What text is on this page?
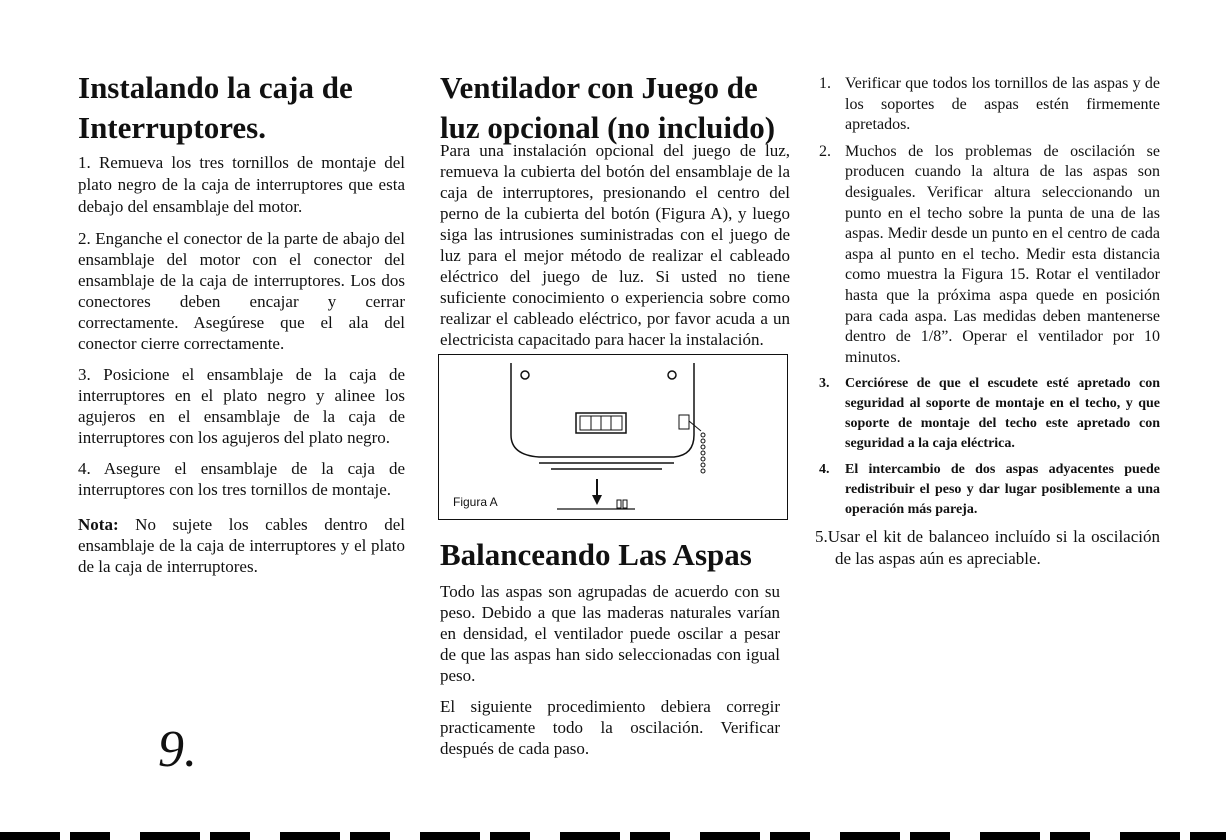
Instalando la caja de Interruptores.

1. Remueva los tres tornillos de montaje del plato negro de la caja de interruptores que esta debajo del ensamblaje del motor.

2. Enganche el conector de la parte de abajo del ensamblaje del motor con el conector del ensamblaje de la caja de interruptores. Los dos conectores deben encajar y cerrar correctamente. Asegúrese que el ala del conector cierre correctamente.

3. Posicione el ensamblaje de la caja de interruptores en el plato negro y alinee los agujeros en el ensamblaje de la caja de interruptores con los agujeros del plato negro.

4. Asegure el ensamblaje de la caja de interruptores con los tres tornillos de montaje.

Nota: No sujete los cables dentro del ensamblaje de la caja de interruptores y el plato de la caja de interruptores.

9.
Ventilador con Juego de luz opcional (no incluido)

Para una instalación opcional del juego de luz, remueva la cubierta del botón del ensamblaje de la caja de interruptores, presionando el centro del perno de la cubierta del botón (Figura A), y luego siga las intrusiones suministradas con el juego de luz para el mejor método de realizar el cableado eléctrico del juego de luz. Si usted no tiene suficiente conocimiento o experiencia sobre como realizar el cableado eléctrico, por favor acuda a un electricista capacitado para hacer la instalación.

Balanceando Las Aspas

Todo las aspas son agrupadas de acuerdo con su peso. Debido a que las maderas naturales varían en densidad, el ventilador puede oscilar a pesar de que las aspas han sido seleccionadas con igual peso.

El siguiente procedimiento debiera corregir practicamente todo la oscilación. Verificar después de cada paso.

Figura A
1. Verificar que todos los tornillos de las aspas y de los soportes de aspas estén firmemente apretados.
2. Muchos de los problemas de oscilación se producen cuando la altura de las aspas son desiguales. Verificar altura seleccionando un punto en el techo sobre la punta de una de las aspas. Medir desde un punto en el centro de cada aspa al punto en el techo. Medir esta distancia como muestra la Figura 15. Rotar el ventilador hasta que la próxima aspa quede en posición para cada aspa. Las medidas deben mantenerse dentro de 1/8”. Operar el ventilador por 10 minutos.
3. Cerciórese de que el escudete esté apretado con seguridad al soporte de montaje en el techo, y que soporte de montaje del techo este apretado con seguridad a la caja eléctrica.
4. El intercambio de dos aspas adyacentes puede redistribuir el peso y dar lugar posiblemente a una operación más pareja.
5.Usar el kit de balanceo incluído si la oscilación de las aspas aún es apreciable.
